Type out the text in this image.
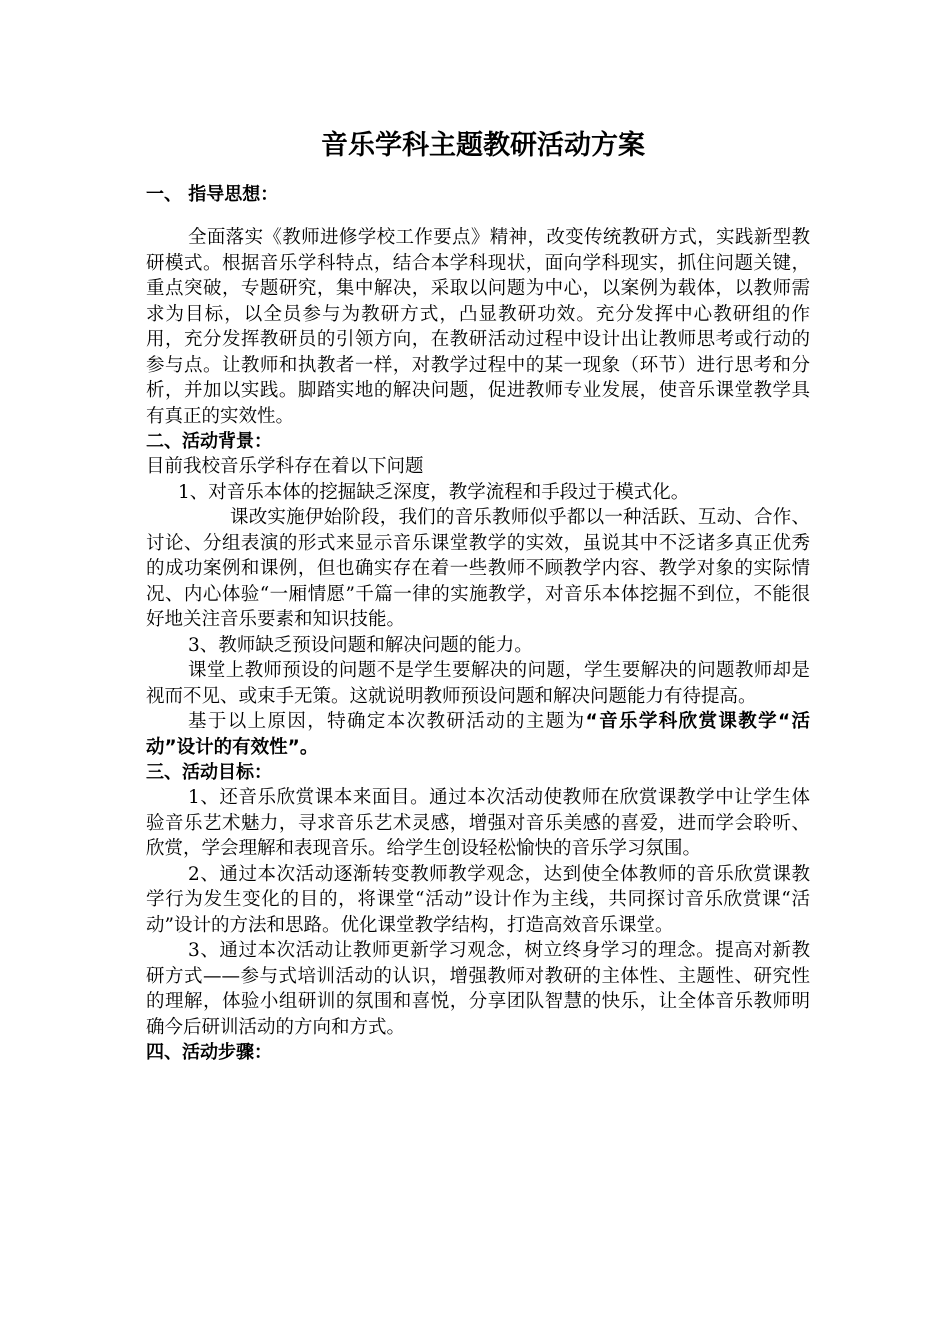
音乐学科主题教研活动方案

一、 指导思想：

全面落实《教师进修学校工作要点》精神，改变传统教研方式，实践新型教研模式。根据音乐学科特点，结合本学科现状，面向学科现实，抓住问题关键，重点突破，专题研究，集中解决，采取以问题为中心，以案例为载体，以教师需求为目标，以全员参与为教研方式，凸显教研功效。充分发挥中心教研组的作用，充分发挥教研员的引领方向，在教研活动过程中设计出让教师思考或行动的参与点。让教师和执教者一样，对教学过程中的某一现象（环节）进行思考和分析，并加以实践。脚踏实地的解决问题，促进教师专业发展，使音乐课堂教学具有真正的实效性。

二、活动背景：

目前我校音乐学科存在着以下问题

1、对音乐本体的挖掘缺乏深度，教学流程和手段过于模式化。

课改实施伊始阶段，我们的音乐教师似乎都以一种活跃、互动、合作、讨论、分组表演的形式来显示音乐课堂教学的实效，虽说其中不泛诸多真正优秀的成功案例和课例，但也确实存在着一些教师不顾教学内容、教学对象的实际情况、内心体验“一厢情愿”千篇一律的实施教学，对音乐本体挖掘不到位，不能很好地关注音乐要素和知识技能。

3、教师缺乏预设问题和解决问题的能力。

课堂上教师预设的问题不是学生要解决的问题，学生要解决的问题教师却是视而不见、或束手无策。这就说明教师预设问题和解决问题能力有待提高。

基于以上原因，特确定本次教研活动的主题为“音乐学科欣赏课教学“活动”设计的有效性”。

三、活动目标：

1、还音乐欣赏课本来面目。通过本次活动使教师在欣赏课教学中让学生体验音乐艺术魅力，寻求音乐艺术灵感，增强对音乐美感的喜爱，进而学会聆听、欣赏，学会理解和表现音乐。给学生创设轻松愉快的音乐学习氛围。

2、通过本次活动逐渐转变教师教学观念，达到使全体教师的音乐欣赏课教学行为发生变化的目的，将课堂“活动”设计作为主线，共同探讨音乐欣赏课“活动”设计的方法和思路。优化课堂教学结构，打造高效音乐课堂。

3、通过本次活动让教师更新学习观念，树立终身学习的理念。提高对新教研方式——参与式培训活动的认识，增强教师对教研的主体性、主题性、研究性的理解，体验小组研训的氛围和喜悦，分享团队智慧的快乐，让全体音乐教师明确今后研训活动的方向和方式。

四、活动步骤：
